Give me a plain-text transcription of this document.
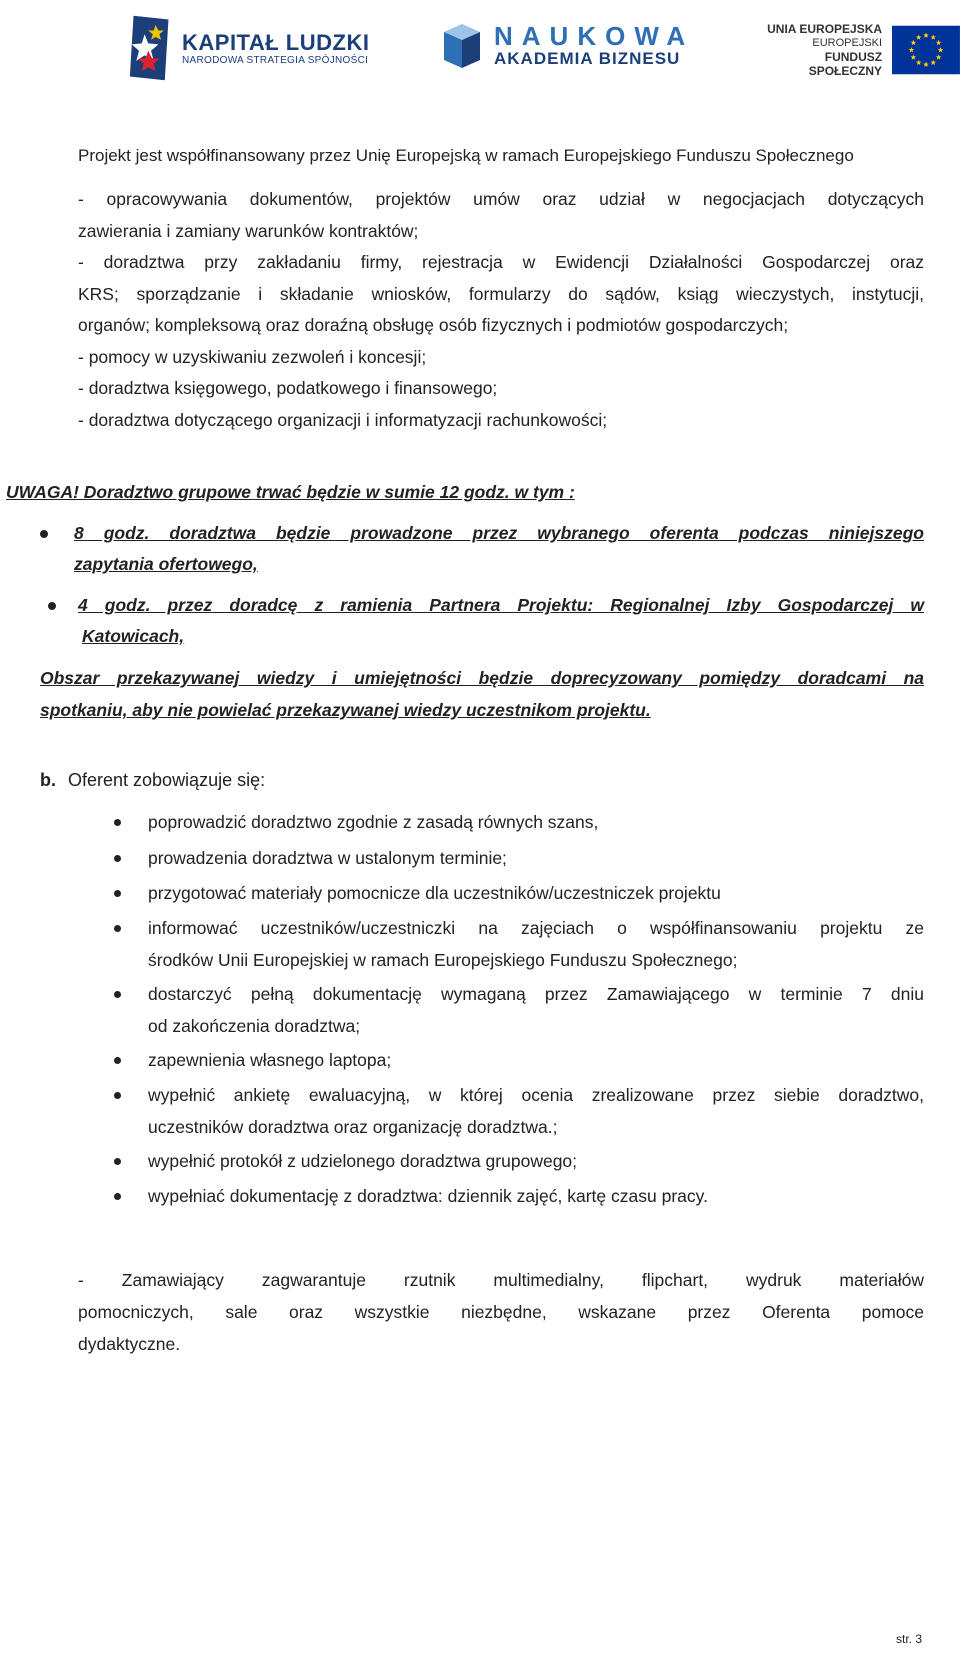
KAPITAŁ LUDZKI
NARODOWA STRATEGIA SPÓJNOŚCI
NAUKOWA
AKADEMIA BIZNESU
UNIA EUROPEJSKA
EUROPEJSKI
FUNDUSZ SPOŁECZNY
Projekt jest współfinansowany przez Unię Europejską w ramach Europejskiego Funduszu Społecznego
- opracowywania dokumentów, projektów umów oraz udział w negocjacjach dotyczących
zawierania i zamiany warunków kontraktów;
- doradztwa przy zakładaniu firmy, rejestracja w Ewidencji Działalności Gospodarczej oraz
KRS; sporządzanie i składanie wniosków, formularzy do sądów, ksiąg wieczystych, instytucji,
organów; kompleksową oraz doraźną obsługę osób fizycznych i podmiotów gospodarczych;
- pomocy w uzyskiwaniu zezwoleń i koncesji;
- doradztwa księgowego, podatkowego i finansowego;
- doradztwa dotyczącego organizacji i informatyzacji rachunkowości;
UWAGA! Doradztwo grupowe trwać będzie w sumie 12 godz. w tym :
8 godz. doradztwa będzie prowadzone przez wybranego oferenta podczas niniejszego
zapytania ofertowego,
4 godz. przez doradcę z ramienia Partnera Projektu: Regionalnej Izby Gospodarczej w
Katowicach,
Obszar przekazywanej wiedzy i umiejętności będzie doprecyzowany pomiędzy doradcami na
spotkaniu, aby nie powielać przekazywanej wiedzy uczestnikom projektu.
b. Oferent zobowiązuje się:
poprowadzić doradztwo zgodnie z zasadą równych szans,
prowadzenia doradztwa w ustalonym terminie;
przygotować materiały pomocnicze dla uczestników/uczestniczek projektu
informować uczestników/uczestniczki na zajęciach o współfinansowaniu projektu ze
środków Unii Europejskiej w ramach Europejskiego Funduszu Społecznego;
dostarczyć pełną dokumentację wymaganą przez Zamawiającego w terminie 7 dniu
od zakończenia doradztwa;
zapewnienia własnego laptopa;
wypełnić ankietę ewaluacyjną, w której ocenia zrealizowane przez siebie doradztwo,
uczestników doradztwa oraz organizację doradztwa.;
wypełnić protokół z udzielonego doradztwa grupowego;
wypełniać dokumentację z doradztwa: dziennik zajęć, kartę czasu pracy.
- Zamawiający zagwarantuje rzutnik multimedialny, flipchart, wydruk materiałów
pomocniczych, sale oraz wszystkie niezbędne, wskazane przez Oferenta pomoce
dydaktyczne.
str. 3
